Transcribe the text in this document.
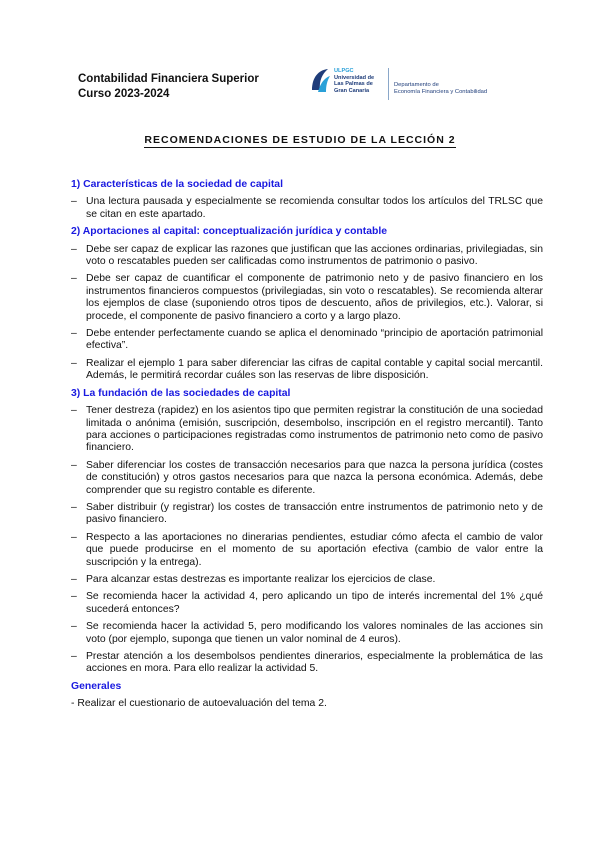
Contabilidad Financiera Superior
Curso 2023-2024
ULPGC
Universidad de
Las Palmas de
Gran Canaria
Departamento de
Economía Financiera y Contabilidad
RECOMENDACIONES DE ESTUDIO DE LA LECCIÓN 2
1) Características de la sociedad de capital
– Una lectura pausada y especialmente se recomienda consultar todos los artículos del TRLSC que se citan en este apartado.
2) Aportaciones al capital: conceptualización jurídica y contable
– Debe ser capaz de explicar las razones que justifican que las acciones ordinarias, privilegiadas, sin voto o rescatables pueden ser calificadas como instrumentos de patrimonio o pasivo.
– Debe ser capaz de cuantificar el componente de patrimonio neto y de pasivo financiero en los instrumentos financieros compuestos (privilegiadas, sin voto o rescatables). Se recomienda alterar los ejemplos de clase (suponiendo otros tipos de descuento, años de privilegios, etc.). Valorar, si procede, el componente de pasivo financiero a corto y a largo plazo.
– Debe entender perfectamente cuando se aplica el denominado “principio de aportación patrimonial efectiva”.
– Realizar el ejemplo 1 para saber diferenciar las cifras de capital contable y capital social mercantil. Además, le permitirá recordar cuáles son las reservas de libre disposición.
3) La fundación de las sociedades de capital
– Tener destreza (rapidez) en los asientos tipo que permiten registrar la constitución de una sociedad limitada o anónima (emisión, suscripción, desembolso, inscripción en el registro mercantil). Tanto para acciones o participaciones registradas como instrumentos de patrimonio neto como de pasivo financiero.
– Saber diferenciar los costes de transacción necesarios para que nazca la persona jurídica (costes de constitución) y otros gastos necesarios para que nazca la persona económica. Además, debe comprender que su registro contable es diferente.
– Saber distribuir (y registrar) los costes de transacción entre instrumentos de patrimonio neto y de pasivo financiero.
– Respecto a las aportaciones no dinerarias pendientes, estudiar cómo afecta el cambio de valor que puede producirse en el momento de su aportación efectiva (cambio de valor entre la suscripción y la entrega).
– Para alcanzar estas destrezas es importante realizar los ejercicios de clase.
– Se recomienda hacer la actividad 4, pero aplicando un tipo de interés incremental del 1% ¿qué sucederá entonces?
– Se recomienda hacer la actividad 5, pero modificando los valores nominales de las acciones sin voto (por ejemplo, suponga que tienen un valor nominal de 4 euros).
– Prestar atención a los desembolsos pendientes dinerarios, especialmente la problemática de las acciones en mora. Para ello realizar la actividad 5.
Generales
- Realizar el cuestionario de autoevaluación del tema 2.
